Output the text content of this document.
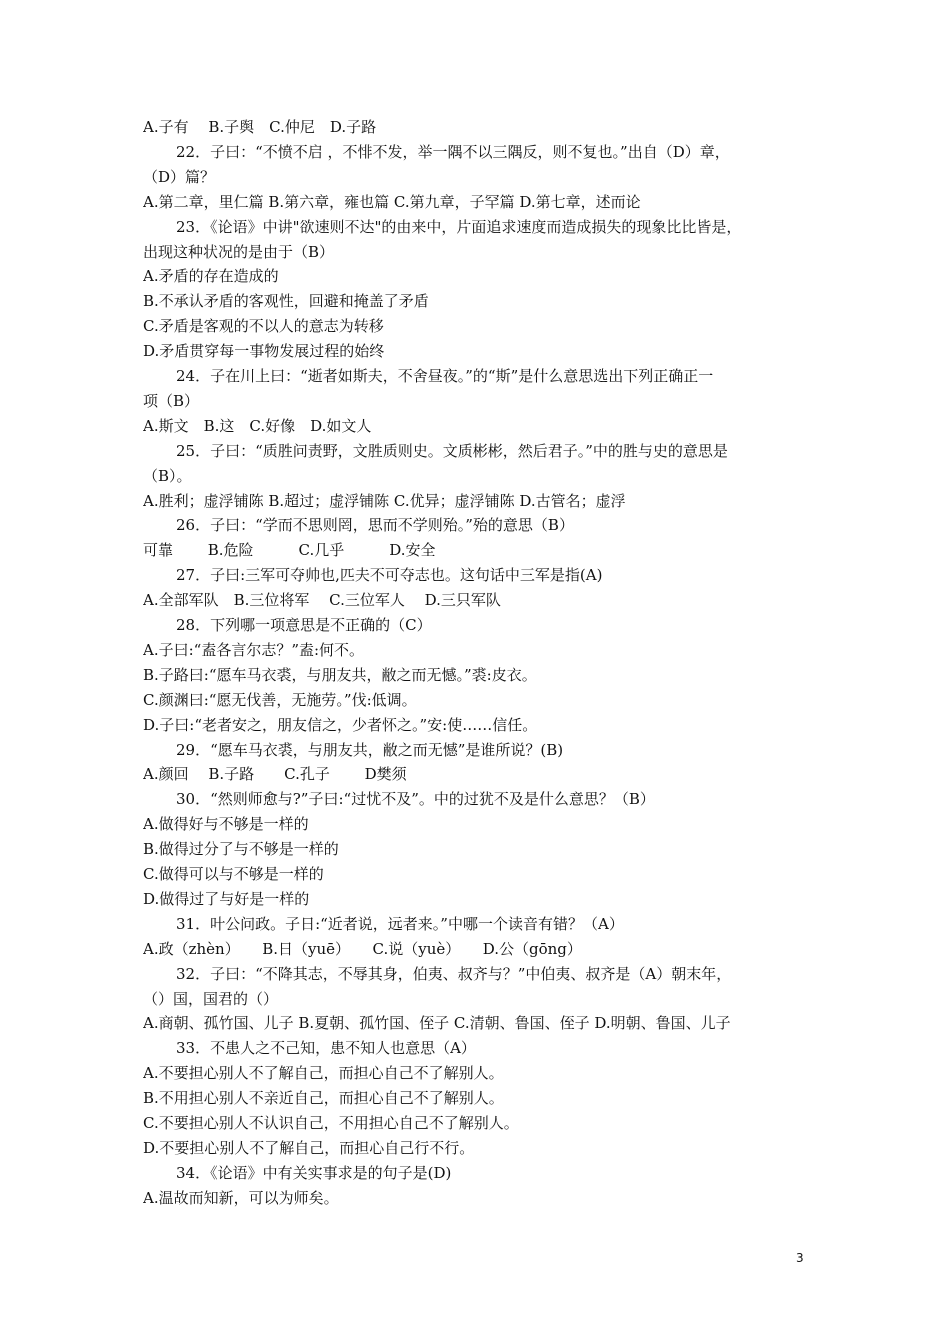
A.子有　 B.子舆　C.仲尼　D.子路
22．子曰：“不愤不启 ，不悱不发，举一隅不以三隅反，则不复也。”出自（D）章，
（D）篇？
A.第二章，里仁篇 B.第六章，雍也篇 C.第九章，子罕篇 D.第七章，述而论
23．《论语》中讲"欲速则不达"的由来中，片面追求速度而造成损失的现象比比皆是，
出现这种状况的是由于（B）
A.矛盾的存在造成的
B.不承认矛盾的客观性，回避和掩盖了矛盾
C.矛盾是客观的不以人的意志为转移
D.矛盾贯穿每一事物发展过程的始终
24．子在川上曰：“逝者如斯夫，不舍昼夜。”的“斯”是什么意思选出下列正确正一
项（B）
A.斯文　B.这　C.好像　D.如文人
25．子曰：“质胜问责野，文胜质则史。文质彬彬，然后君子。”中的胜与史的意思是
（B）。
A.胜利；虚浮铺陈 B.超过；虚浮铺陈 C.优异；虚浮铺陈 D.古管名；虚浮
26．子曰：“学而不思则罔，思而不学则殆。”殆的意思（B）
可靠　　 B.危险　　　C.几乎　　　D.安全
27．子曰:三军可夺帅也,匹夫不可夺志也。这句话中三军是指(A)
A.全部军队　B.三位将军　 C.三位军人　 D.三只军队
28．下列哪一项意思是不正确的（C）
A.子曰:“盍各言尔志？”盍:何不。
B.子路曰:“愿车马衣裘，与朋友共，敝之而无憾。”裘:皮衣。
C.颜渊曰:“愿无伐善，无施劳。”伐:低调。
D.子曰:“老者安之，朋友信之，少者怀之。”安:使……信任。
29．“愿车马衣裘，与朋友共，敝之而无憾”是谁所说？(B)
A.颜回　 B.子路　　C.孔子　　 D樊须
30．“然则师愈与?”子曰:“过忧不及”。中的过犹不及是什么意思？（B）
A.做得好与不够是一样的
B.做得过分了与不够是一样的
C.做得可以与不够是一样的
D.做得过了与好是一样的
31．叶公问政。子日:“近者说，远者来。”中哪一个读音有错？（A）
A.政（zhèn）　　B.日（yuē）　　C.说（yuè）　　D.公（gōng）
32．子曰：“不降其志，不辱其身，伯夷、叔齐与？”中伯夷、叔齐是（A）朝末年，
（）国，国君的（）
A.商朝、孤竹国、儿子 B.夏朝、孤竹国、侄子 C.清朝、鲁国、侄子 D.明朝、鲁国、儿子
33．不患人之不己知，患不知人也意思（A）
A.不要担心别人不了解自己，而担心自己不了解别人。
B.不用担心别人不亲近自己，而担心自己不了解别人。
C.不要担心别人不认识自己，不用担心自己不了解别人。
D.不要担心别人不了解自己，而担心自己行不行。
34．《论语》中有关实事求是的句子是(D)
A.温故而知新，可以为师矣。
3
